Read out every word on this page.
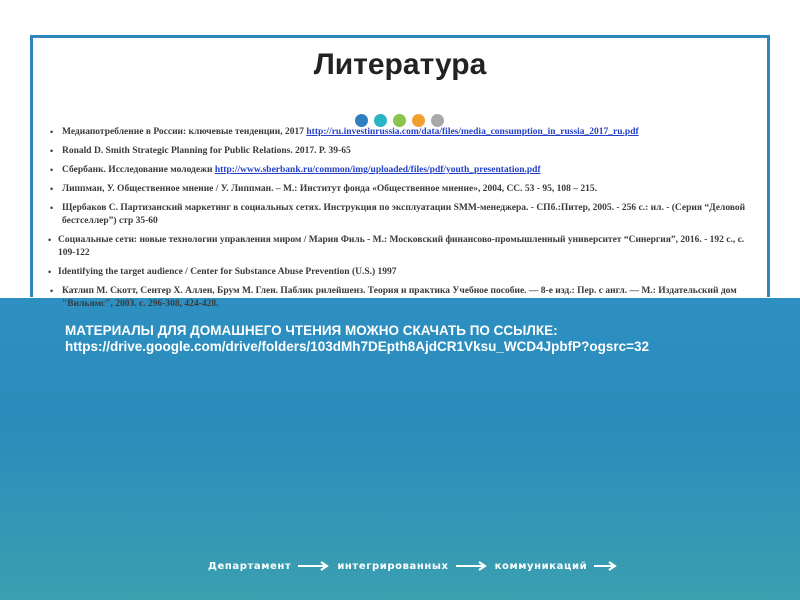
Литература
• Медиапотребление в России: ключевые тенденции, 2017 http://ru.investinrussia.com/data/files/media_consumption_in_russia_2017_ru.pdf
• Ronald D. Smith Strategic Planning for Public Relations. 2017. P. 39-65
• Сбербанк. Исследование молодежи http://www.sberbank.ru/common/img/uploaded/files/pdf/youth_presentation.pdf
• Липпман, У. Общественное мнение / У. Липпман. – М.: Институт фонда «Общественное мнение», 2004, СС. 53 - 95, 108 – 215.
• Щербаков С. Партизанский маркетинг в социальных сетях. Инструкция по эксплуатации SMM-менеджера. - СПб.:Питер, 2005. - 256 с.: ил. - (Серия “Деловой бестселлер”) стр 35-60
• Социальные сети: новые технологии управления миром / Мария Филь - М.: Московский финансово-промышленный университет “Синергия”, 2016. - 192 с., с. 109-122
• Identifying the target audience / Center for Substance Abuse Prevention (U.S.) 1997
• Катлип М. Скотт, Сентер Х. Аллен, Брум М. Глен. Паблик рилейшенз. Теория и практика Учебное пособие. — 8-е изд.: Пер. с англ. — М.: Издательский дом "Вильямс", 2003. с. 296-308, 424-428.
МАТЕРИАЛЫ ДЛЯ ДОМАШНЕГО ЧТЕНИЯ МОЖНО СКАЧАТЬ ПО ССЫЛКЕ:
https://drive.google.com/drive/folders/103dMh7DEpth8AjdCR1Vksu_WCD4JpbfP?ogsrc=32
Департамент	интегрированных	коммуникаций
